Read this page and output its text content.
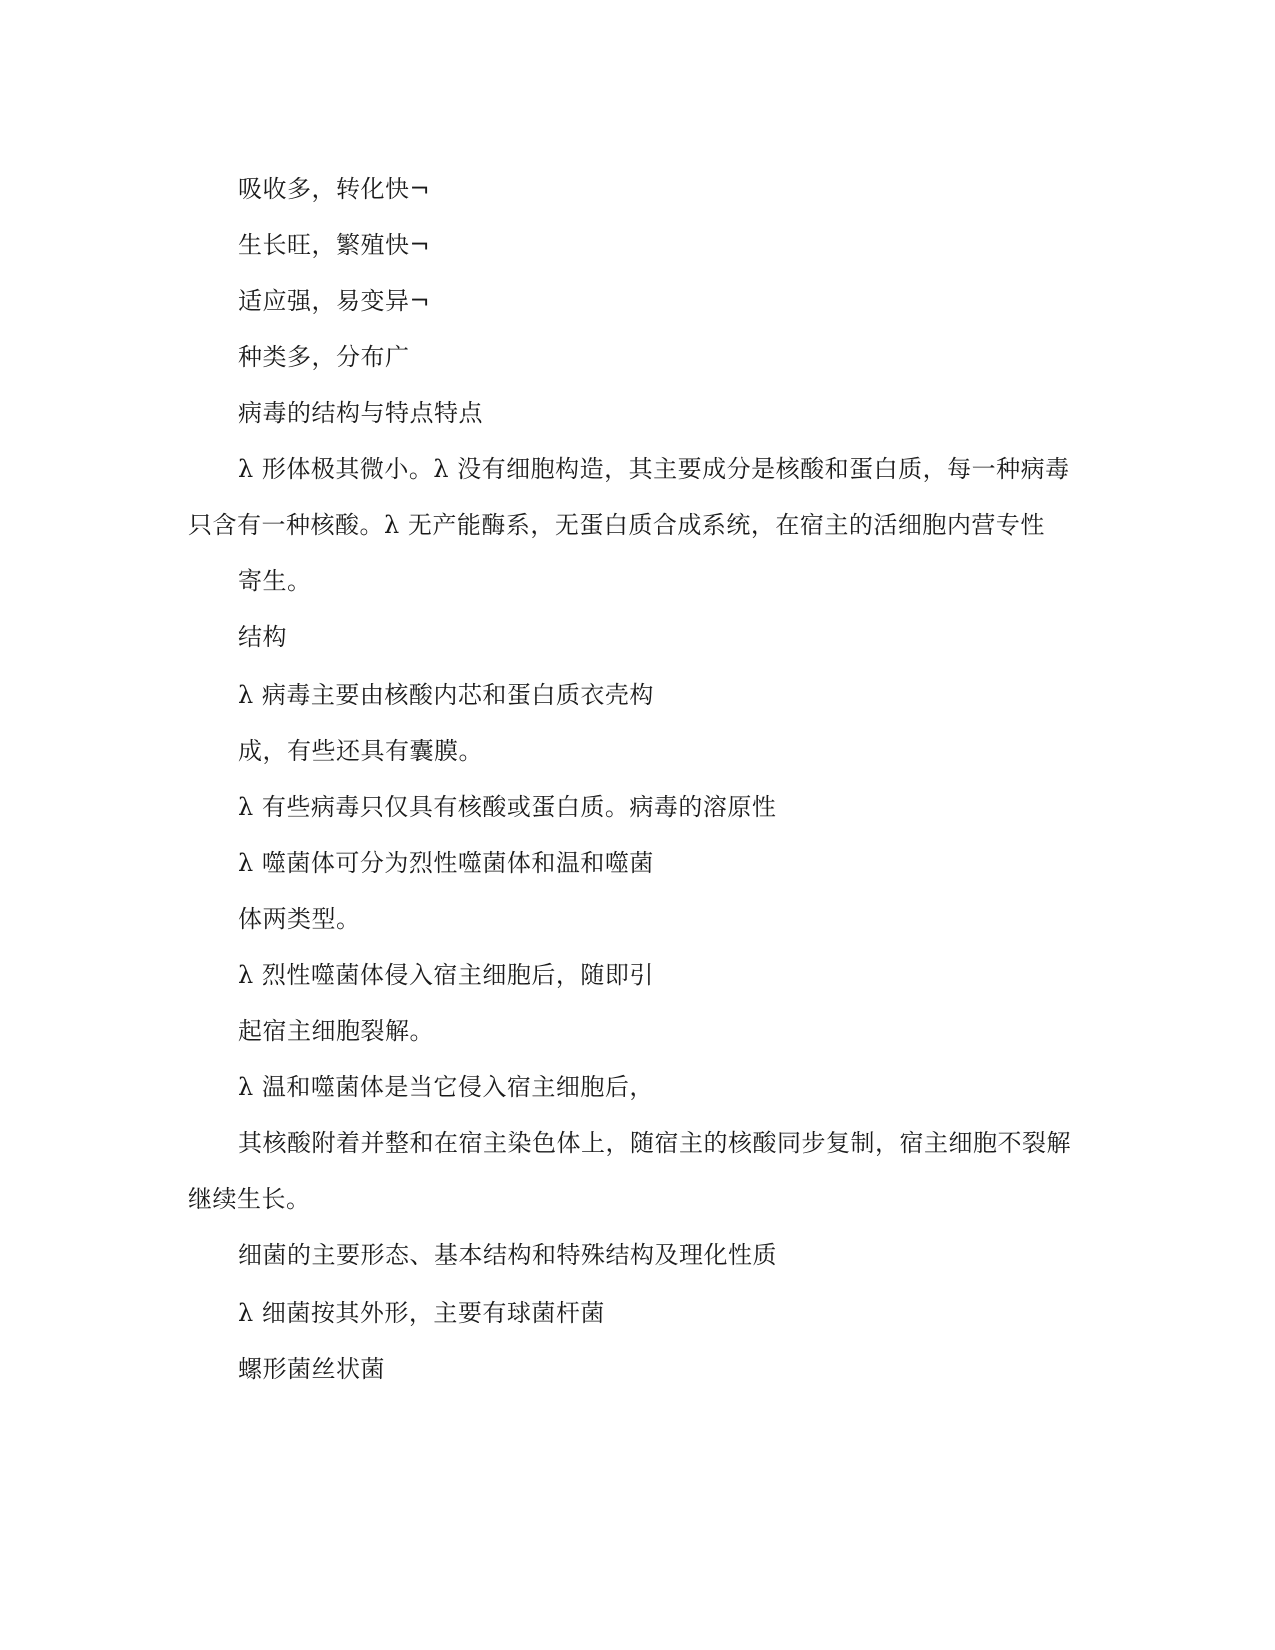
吸收多，转化快¬
生长旺，繁殖快¬
适应强，易变异¬
种类多，分布广
病毒的结构与特点特点
λ 形体极其微小。λ 没有细胞构造，其主要成分是核酸和蛋白质，每一种病毒
只含有一种核酸。λ 无产能酶系，无蛋白质合成系统，在宿主的活细胞内营专性
寄生。
结构
λ 病毒主要由核酸内芯和蛋白质衣壳构
成，有些还具有囊膜。
λ 有些病毒只仅具有核酸或蛋白质。病毒的溶原性
λ 噬菌体可分为烈性噬菌体和温和噬菌
体两类型。
λ 烈性噬菌体侵入宿主细胞后，随即引
起宿主细胞裂解。
λ 温和噬菌体是当它侵入宿主细胞后，
其核酸附着并整和在宿主染色体上，随宿主的核酸同步复制，宿主细胞不裂解
继续生长。
细菌的主要形态、基本结构和特殊结构及理化性质
λ 细菌按其外形，主要有球菌杆菌
螺形菌丝状菌
